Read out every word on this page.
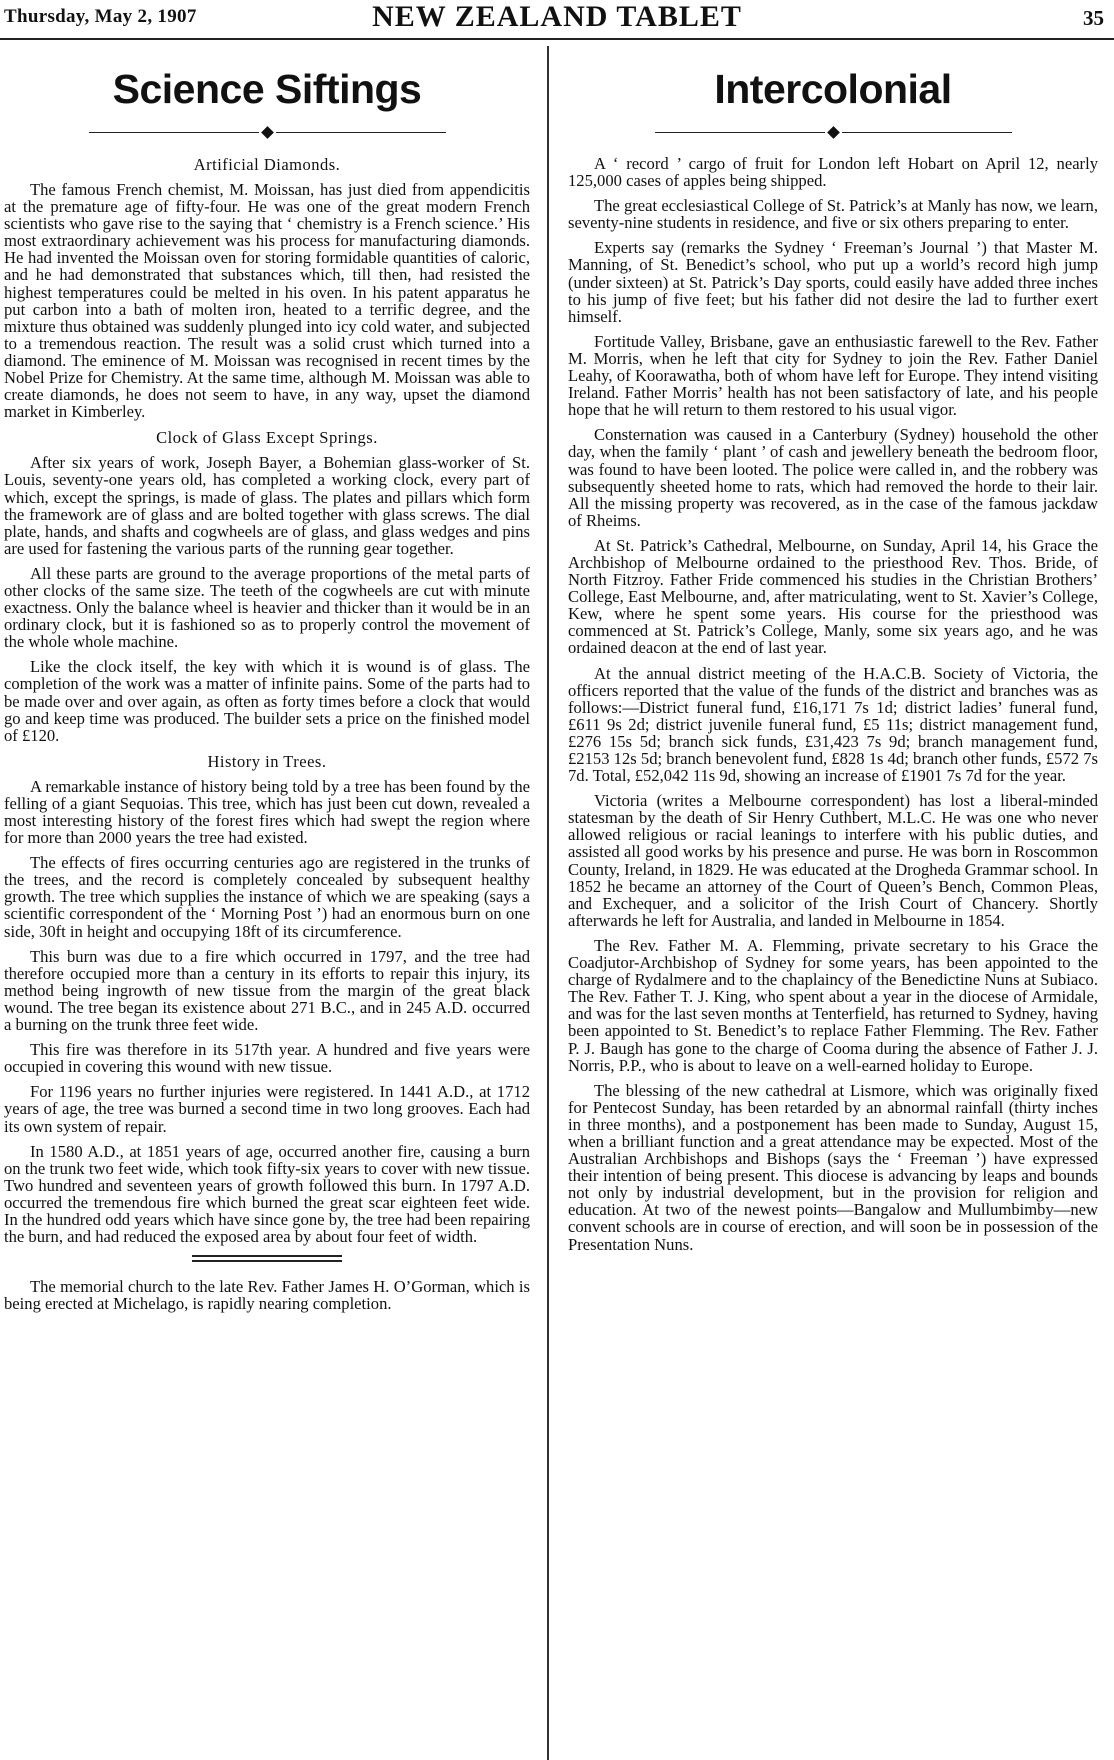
Thursday, May 2, 1907	NEW ZEALAND TABLET	35
Science Siftings
Artificial Diamonds.

The famous French chemist, M. Moissan, has just died from appendicitis at the premature age of fifty-four. He was one of the great modern French scientists who gave rise to the saying that ‘ chemistry is a French science.’ His most extraordinary achievement was his process for manufacturing diamonds. He had invented the Moissan oven for storing formidable quantities of caloric, and he had demonstrated that substances which, till then, had resisted the highest temperatures could be melted in his oven. In his patent apparatus he put carbon into a bath of molten iron, heated to a terrific degree, and the mixture thus obtained was suddenly plunged into icy cold water, and subjected to a tremendous reaction. The result was a solid crust which turned into a diamond. The eminence of M. Moissan was recognised in recent times by the Nobel Prize for Chemistry. At the same time, although M. Moissan was able to create diamonds, he does not seem to have, in any way, upset the diamond market in Kimberley.

Clock of Glass Except Springs.

After six years of work, Joseph Bayer, a Bohemian glass-worker of St. Louis, seventy-one years old, has completed a working clock, every part of which, except the springs, is made of glass. The plates and pillars which form the framework are of glass and are bolted together with glass screws. The dial plate, hands, and shafts and cogwheels are of glass, and glass wedges and pins are used for fastening the various parts of the running gear together.

All these parts are ground to the average proportions of the metal parts of other clocks of the same size. The teeth of the cogwheels are cut with minute exactness. Only the balance wheel is heavier and thicker than it would be in an ordinary clock, but it is fashioned so as to properly control the movement of the whole whole machine.

Like the clock itself, the key with which it is wound is of glass. The completion of the work was a matter of infinite pains. Some of the parts had to be made over and over again, as often as forty times before a clock that would go and keep time was produced. The builder sets a price on the finished model of £120.

History in Trees.

A remarkable instance of history being told by a tree has been found by the felling of a giant Sequoias. This tree, which has just been cut down, revealed a most interesting history of the forest fires which had swept the region where for more than 2000 years the tree had existed.

The effects of fires occurring centuries ago are registered in the trunks of the trees, and the record is completely concealed by subsequent healthy growth. The tree which supplies the instance of which we are speaking (says a scientific correspondent of the ‘ Morning Post ’) had an enormous burn on one side, 30ft in height and occupying 18ft of its circumference.

This burn was due to a fire which occurred in 1797, and the tree had therefore occupied more than a century in its efforts to repair this injury, its method being ingrowth of new tissue from the margin of the great black wound. The tree began its existence about 271 B.C., and in 245 A.D. occurred a burning on the trunk three feet wide.

This fire was therefore in its 517th year. A hundred and five years were occupied in covering this wound with new tissue.

For 1196 years no further injuries were registered. In 1441 A.D., at 1712 years of age, the tree was burned a second time in two long grooves. Each had its own system of repair.

In 1580 A.D., at 1851 years of age, occurred another fire, causing a burn on the trunk two feet wide, which took fifty-six years to cover with new tissue. Two hundred and seventeen years of growth followed this burn. In 1797 A.D. occurred the tremendous fire which burned the great scar eighteen feet wide. In the hundred odd years which have since gone by, the tree had been repairing the burn, and had reduced the exposed area by about four feet of width.

The memorial church to the late Rev. Father James H. O’Gorman, which is being erected at Michelago, is rapidly nearing completion.

Intercolonial

A ‘ record ’ cargo of fruit for London left Hobart on April 12, nearly 125,000 cases of apples being shipped.

The great ecclesiastical College of St. Patrick’s at Manly has now, we learn, seventy-nine students in residence, and five or six others preparing to enter.

Experts say (remarks the Sydney ‘ Freeman’s Journal ’) that Master M. Manning, of St. Benedict’s school, who put up a world’s record high jump (under sixteen) at St. Patrick’s Day sports, could easily have added three inches to his jump of five feet; but his father did not desire the lad to further exert himself.

Fortitude Valley, Brisbane, gave an enthusiastic farewell to the Rev. Father M. Morris, when he left that city for Sydney to join the Rev. Father Daniel Leahy, of Koorawatha, both of whom have left for Europe. They intend visiting Ireland. Father Morris’ health has not been satisfactory of late, and his people hope that he will return to them restored to his usual vigor.

Consternation was caused in a Canterbury (Sydney) household the other day, when the family ‘ plant ’ of cash and jewellery beneath the bedroom floor, was found to have been looted. The police were called in, and the robbery was subsequently sheeted home to rats, which had removed the horde to their lair. All the missing property was recovered, as in the case of the famous jackdaw of Rheims.

At St. Patrick’s Cathedral, Melbourne, on Sunday, April 14, his Grace the Archbishop of Melbourne ordained to the priesthood Rev. Thos. Bride, of North Fitzroy. Father Fride commenced his studies in the Christian Brothers’ College, East Melbourne, and, after matriculating, went to St. Xavier’s College, Kew, where he spent some years. His course for the priesthood was commenced at St. Patrick’s College, Manly, some six years ago, and he was ordained deacon at the end of last year.

At the annual district meeting of the H.A.C.B. Society of Victoria, the officers reported that the value of the funds of the district and branches was as follows:—District funeral fund, £16,171 7s 1d; district ladies’ funeral fund, £611 9s 2d; district juvenile funeral fund, £5 11s; district management fund, £276 15s 5d; branch sick funds, £31,423 7s 9d; branch management fund, £2153 12s 5d; branch benevolent fund, £828 1s 4d; branch other funds, £572 7s 7d. Total, £52,042 11s 9d, showing an increase of £1901 7s 7d for the year.

Victoria (writes a Melbourne correspondent) has lost a liberal-minded statesman by the death of Sir Henry Cuthbert, M.L.C. He was one who never allowed religious or racial leanings to interfere with his public duties, and assisted all good works by his presence and purse. He was born in Roscommon County, Ireland, in 1829. He was educated at the Drogheda Grammar school. In 1852 he became an attorney of the Court of Queen’s Bench, Common Pleas, and Exchequer, and a solicitor of the Irish Court of Chancery. Shortly afterwards he left for Australia, and landed in Melbourne in 1854.

The Rev. Father M. A. Flemming, private secretary to his Grace the Coadjutor-Archbishop of Sydney for some years, has been appointed to the charge of Rydalmere and to the chaplaincy of the Benedictine Nuns at Subiaco. The Rev. Father T. J. King, who spent about a year in the diocese of Armidale, and was for the last seven months at Tenterfield, has returned to Sydney, having been appointed to St. Benedict’s to replace Father Flemming. The Rev. Father P. J. Baugh has gone to the charge of Cooma during the absence of Father J. J. Norris, P.P., who is about to leave on a well-earned holiday to Europe.

The blessing of the new cathedral at Lismore, which was originally fixed for Pentecost Sunday, has been retarded by an abnormal rainfall (thirty inches in three months), and a postponement has been made to Sunday, August 15, when a brilliant function and a great attendance may be expected. Most of the Australian Archbishops and Bishops (says the ‘ Freeman ’) have expressed their intention of being present. This diocese is advancing by leaps and bounds not only by industrial development, but in the provision for religion and education. At two of the newest points—Bangalow and Mullumbimby—new convent schools are in course of erection, and will soon be in possession of the Presentation Nuns.
